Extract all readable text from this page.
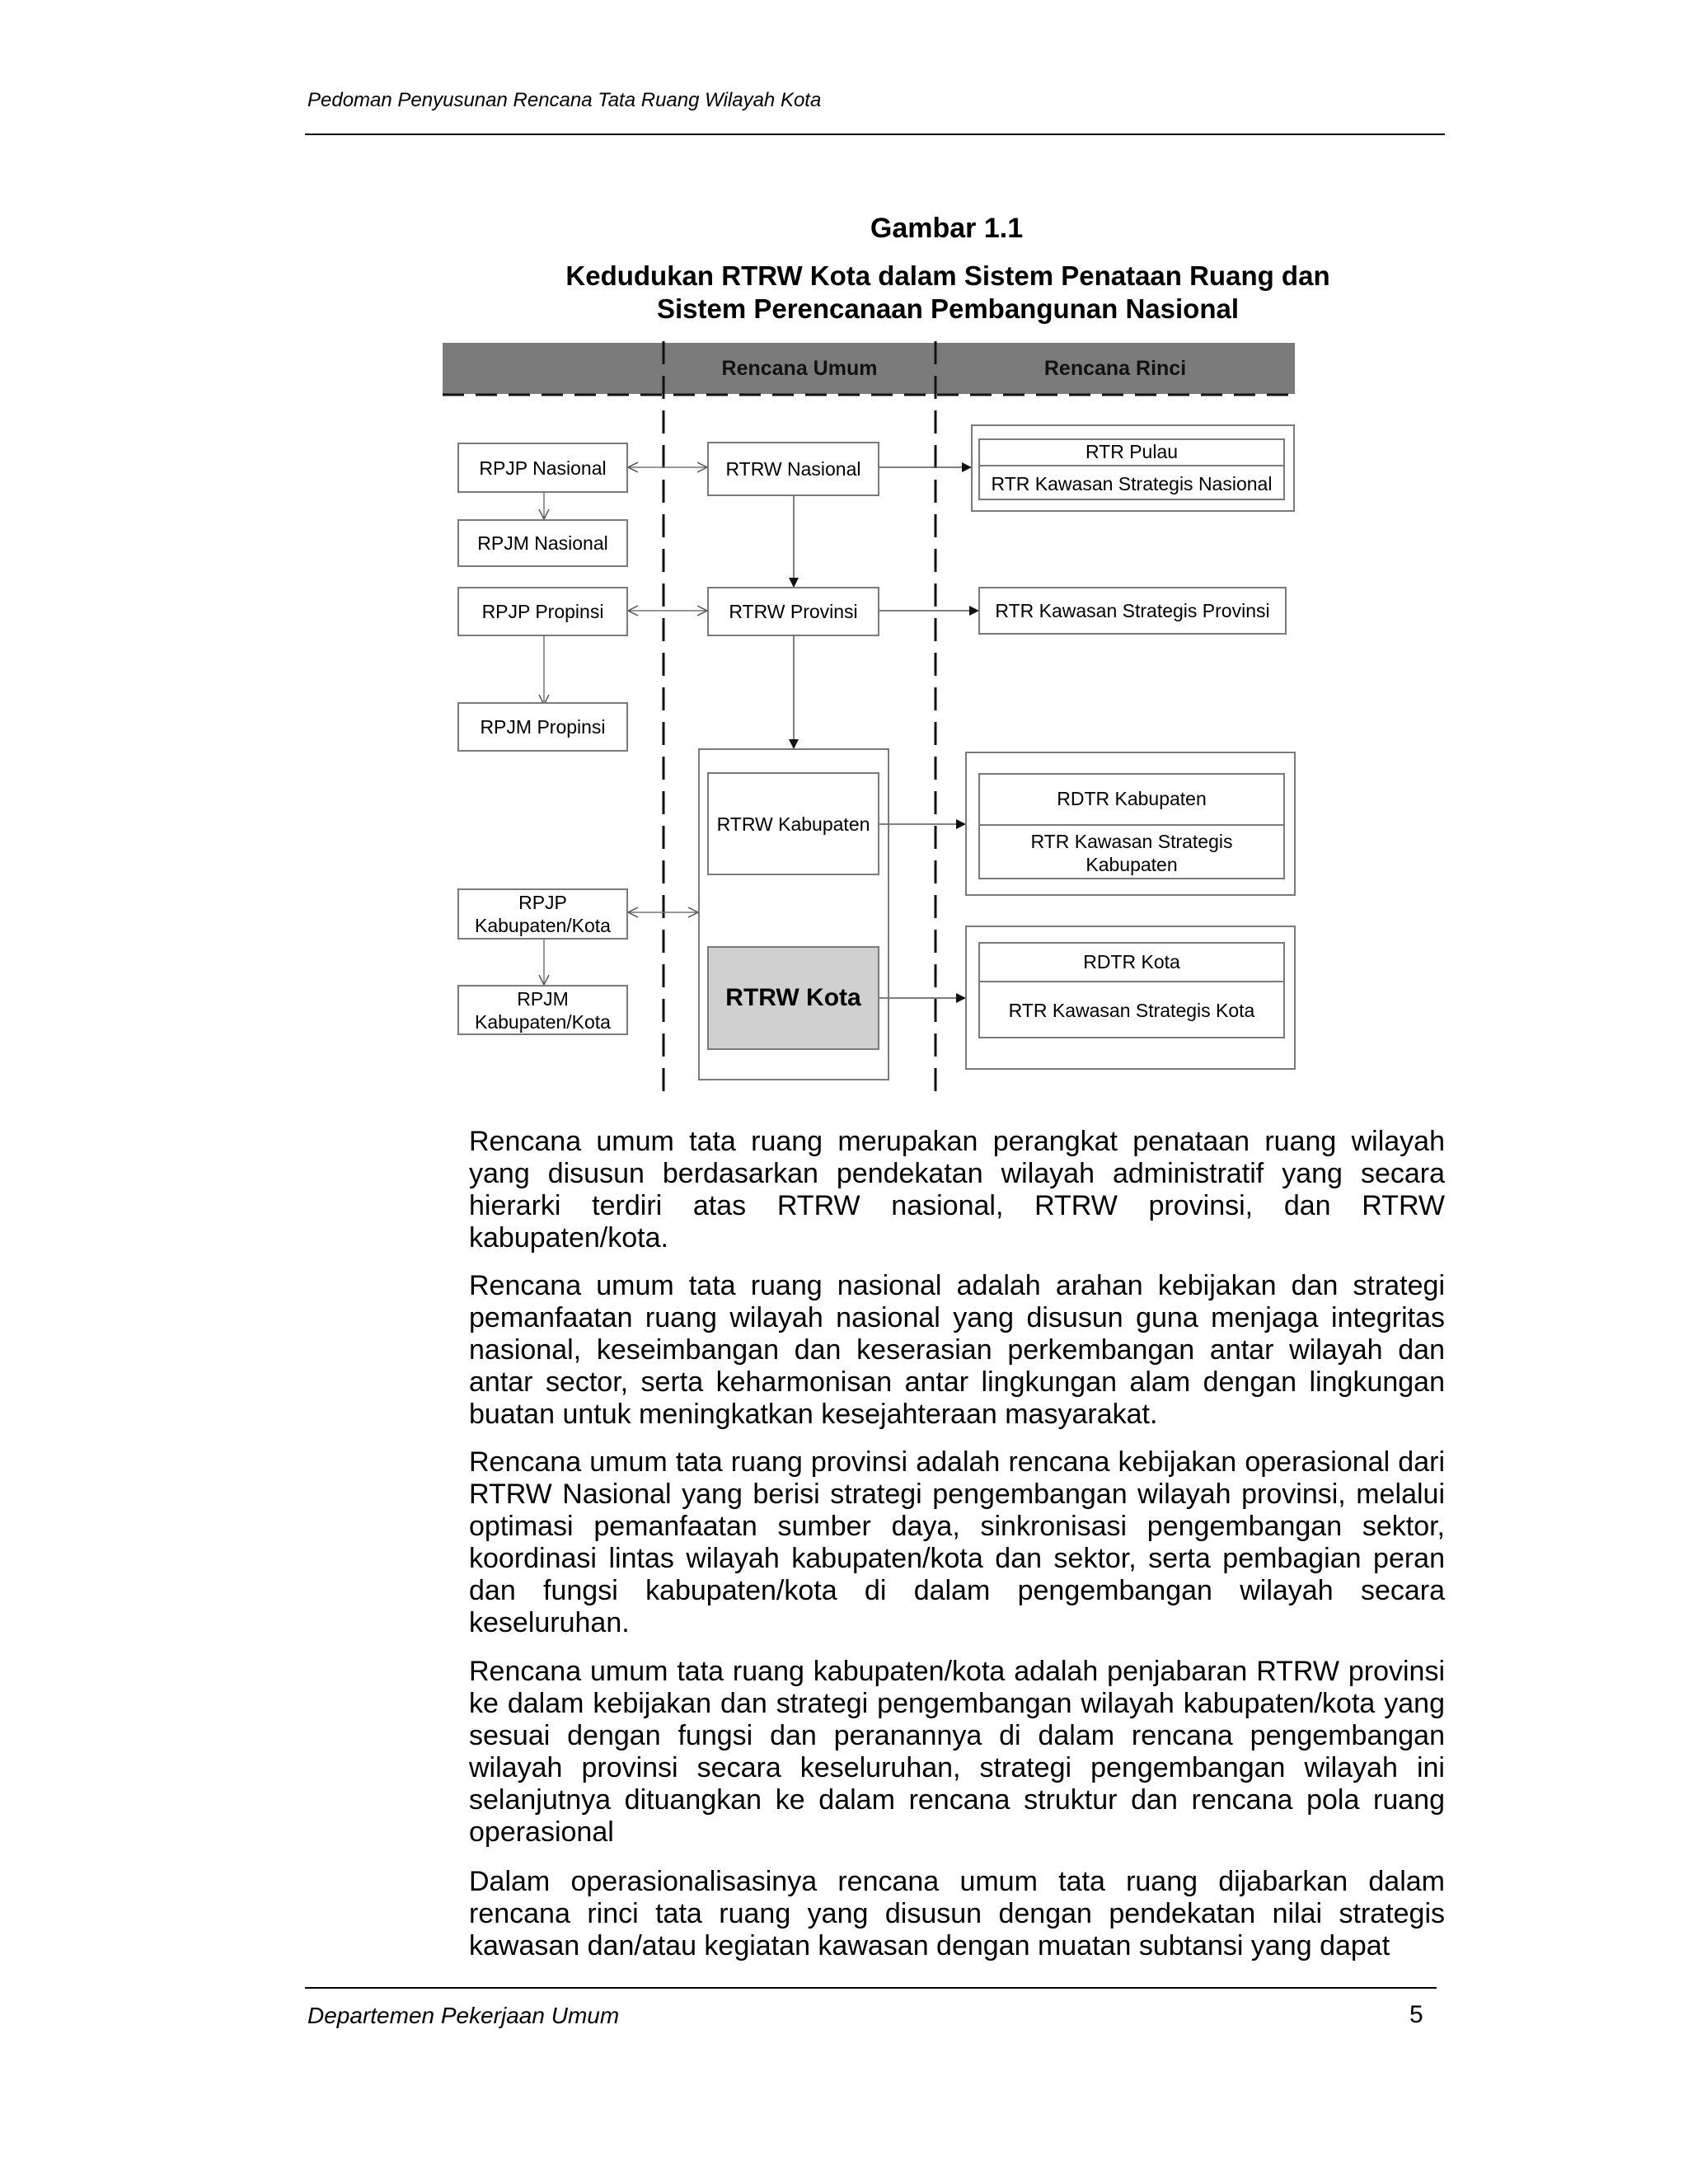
Pedoman Penyusunan Rencana Tata Ruang Wilayah Kota
Gambar 1.1
Kedudukan RTRW Kota dalam Sistem Penataan Ruang dan
Sistem Perencanaan Pembangunan Nasional
Rencana Umum	Rencana Rinci
RPJP Nasional
RPJM Nasional
RPJP Propinsi
RPJM Propinsi
RPJP
Kabupaten/Kota
RPJM
Kabupaten/Kota
RTRW Nasional
RTRW Provinsi
RTRW Kabupaten
RTRW Kota
RTR Pulau
RTR Kawasan Strategis Nasional
RTR Kawasan Strategis Provinsi
RDTR Kabupaten
RTR Kawasan Strategis
Kabupaten
RDTR Kota
RTR Kawasan Strategis Kota

Rencana umum tata ruang merupakan perangkat penataan ruang wilayah yang disusun berdasarkan pendekatan wilayah administratif yang secara hierarki terdiri atas RTRW nasional, RTRW provinsi, dan RTRW kabupaten/kota.

Rencana umum tata ruang nasional adalah arahan kebijakan dan strategi pemanfaatan ruang wilayah nasional yang disusun guna menjaga integritas nasional, keseimbangan dan keserasian perkembangan antar wilayah dan antar sector, serta keharmonisan antar lingkungan alam dengan lingkungan buatan untuk meningkatkan kesejahteraan masyarakat.

Rencana umum tata ruang provinsi adalah rencana kebijakan operasional dari RTRW Nasional yang berisi strategi pengembangan wilayah provinsi, melalui optimasi pemanfaatan sumber daya, sinkronisasi pengembangan sektor, koordinasi lintas wilayah kabupaten/kota dan sektor, serta pembagian peran dan fungsi kabupaten/kota di dalam pengembangan wilayah secara keseluruhan.

Rencana umum tata ruang kabupaten/kota adalah penjabaran RTRW provinsi ke dalam kebijakan dan strategi pengembangan wilayah kabupaten/kota yang sesuai dengan fungsi dan peranannya di dalam rencana pengembangan wilayah provinsi secara keseluruhan, strategi pengembangan wilayah ini selanjutnya dituangkan ke dalam rencana struktur dan rencana pola ruang operasional

Dalam operasionalisasinya rencana umum tata ruang dijabarkan dalam rencana rinci tata ruang yang disusun dengan pendekatan nilai strategis kawasan dan/atau kegiatan kawasan dengan muatan subtansi yang dapat

Departemen Pekerjaan Umum	5
